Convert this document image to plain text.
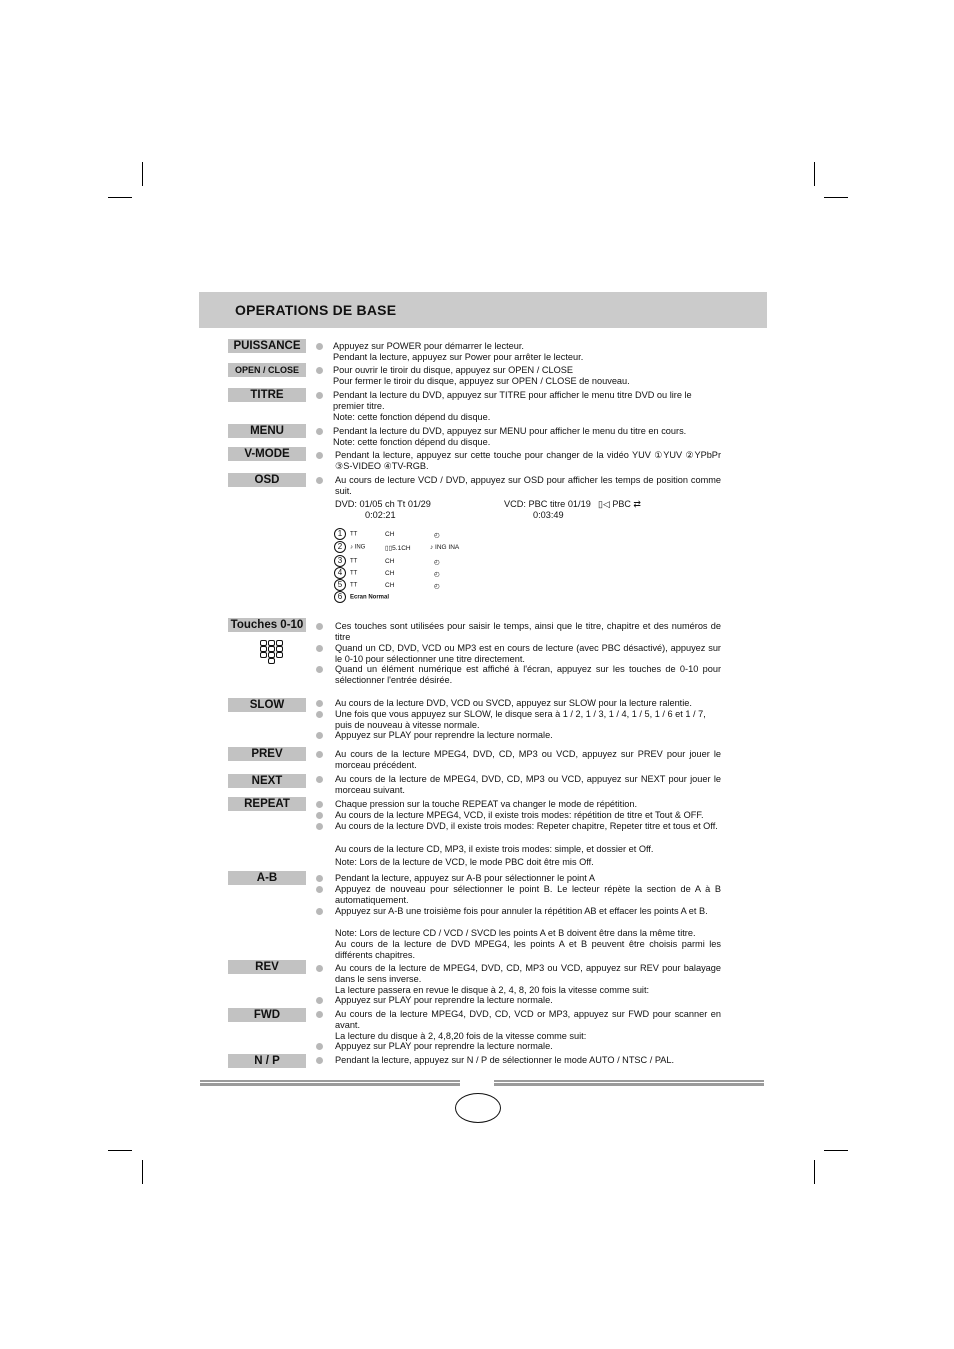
OPERATIONS DE BASE
PUISSANCE	Appuyez sur POWER pour démarrer le lecteur.
Pendant la lecture, appuyez sur Power pour arrêter le lecteur.
OPEN / CLOSE	Pour ouvrir le tiroir du disque, appuyez sur OPEN / CLOSE
Pour fermer le tiroir du disque, appuyez sur OPEN / CLOSE de nouveau.
TITRE	Pendant la lecture du DVD, appuyez sur TITRE pour afficher le menu titre DVD ou lire le premier titre.
Note: cette fonction dépend du disque.
MENU	Pendant la lecture du DVD, appuyez sur MENU pour afficher le menu du titre en cours.
Note: cette fonction dépend du disque.
V-MODE	Pendant la lecture, appuyez sur cette touche pour changer de la vidéo YUV ①YUV ②YPbPr ③S-VIDEO ④TV-RGB.
OSD	Au cours de lecture VCD / DVD, appuyez sur OSD pour afficher les temps de position comme suit.
DVD: 01/05 ch Tt 01/29
0:02:21
VCD: PBC titre 01/19 ▯◁ PBC ⇄
0:03:49
1 TT	CH	◴
2 ♪ ING	▯▯5.1CH	♪ ING INA
3 TT	CH	◴
4 TT	CH	◴
5 TT	CH	◴
6 Ecran Normal
Touches 0-10	Ces touches sont utilisées pour saisir le temps, ainsi que le titre, chapitre et des numéros de titre
Quand un CD, DVD, VCD ou MP3 est en cours de lecture (avec PBC désactivé), appuyez sur le 0-10 pour sélectionner une titre directement.
Quand un élément numérique est affiché à l'écran, appuyez sur les touches de 0-10 pour sélectionner l'entrée désirée.
SLOW	Au cours de la lecture DVD, VCD ou SVCD, appuyez sur SLOW pour la lecture ralentie.
Une fois que vous appuyez sur SLOW, le disque sera à 1 / 2, 1 / 3, 1 / 4, 1 / 5, 1 / 6 et 1 / 7, puis de nouveau à vitesse normale.
Appuyez sur PLAY pour reprendre la lecture normale.
PREV	Au cours de la lecture MPEG4, DVD, CD, MP3 ou VCD, appuyez sur PREV pour jouer le morceau précédent.
NEXT	Au cours de la lecture de MPEG4, DVD, CD, MP3 ou VCD, appuyez sur NEXT pour jouer le morceau suivant.
REPEAT	Chaque pression sur la touche REPEAT va changer le mode de répétition.
Au cours de la lecture MPEG4, VCD, il existe trois modes: répétition de titre et Tout & OFF.
Au cours de la lecture DVD, il existe trois modes: Repeter chapitre, Repeter titre et tous et Off.
Au cours de la lecture CD, MP3, il existe trois modes: simple, et dossier et Off.
Note: Lors de la lecture de VCD, le mode PBC doit être mis Off.
A-B	Pendant la lecture, appuyez sur A-B pour sélectionner le point A
Appuyez de nouveau pour sélectionner le point B. Le lecteur répète la section de A à B automatiquement.
Appuyez sur A-B une troisième fois pour annuler la répétition AB et effacer les points A et B.
Note: Lors de lecture CD / VCD / SVCD les points A et B doivent être dans la même titre.
Au cours de la lecture de DVD MPEG4, les points A et B peuvent être choisis parmi les différents chapitres.
REV	Au cours de la lecture de MPEG4, DVD, CD, MP3 ou VCD, appuyez sur REV pour balayage dans le sens inverse.
La lecture passera en revue le disque à 2, 4, 8, 20 fois la vitesse comme suit:
Appuyez sur PLAY pour reprendre la lecture normale.
FWD	Au cours de la lecture MPEG4, DVD, CD, VCD or MP3, appuyez sur FWD pour scanner en avant.
La lecture du disque à 2, 4,8,20 fois de la vitesse comme suit:
Appuyez sur PLAY pour reprendre la lecture normale.
N / P	Pendant la lecture, appuyez sur N / P de sélectionner le mode AUTO / NTSC / PAL.
